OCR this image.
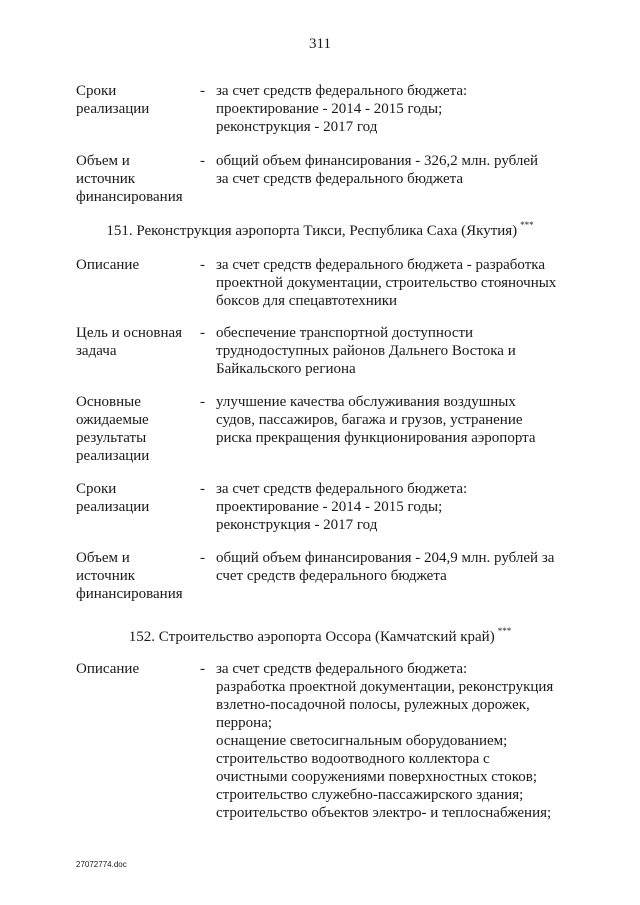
311
Сроки
реализации
- за счет средств федерального бюджета:
проектирование - 2014 - 2015 годы;
реконструкция - 2017 год
Объем и
источник
финансирования
- общий объем финансирования - 326,2 млн. рублей
за счет средств федерального бюджета
151. Реконструкция аэропорта Тикси, Республика Саха (Якутия) ***
Описание	- за счет средств федерального бюджета - разработка
проектной документации, строительство стояночных
боксов для спецавтотехники
Цель и основная
задача
- обеспечение транспортной доступности
труднодоступных районов Дальнего Востока и
Байкальского региона
Основные
ожидаемые
результаты
реализации
- улучшение качества обслуживания воздушных
судов, пассажиров, багажа и грузов, устранение
риска прекращения функционирования аэропорта
Сроки
реализации
- за счет средств федерального бюджета:
проектирование - 2014 - 2015 годы;
реконструкция - 2017 год
Объем и
источник
финансирования
- общий объем финансирования - 204,9 млн. рублей за
счет средств федерального бюджета
152. Строительство аэропорта Оссора (Камчатский край) ***
Описание	- за счет средств федерального бюджета:
разработка проектной документации, реконструкция
взлетно-посадочной полосы, рулежных дорожек,
перрона;
оснащение светосигнальным оборудованием;
строительство водоотводного коллектора с
очистными сооружениями поверхностных стоков;
строительство служебно-пассажирского здания;
строительство объектов электро- и теплоснабжения;
27072774.doc
